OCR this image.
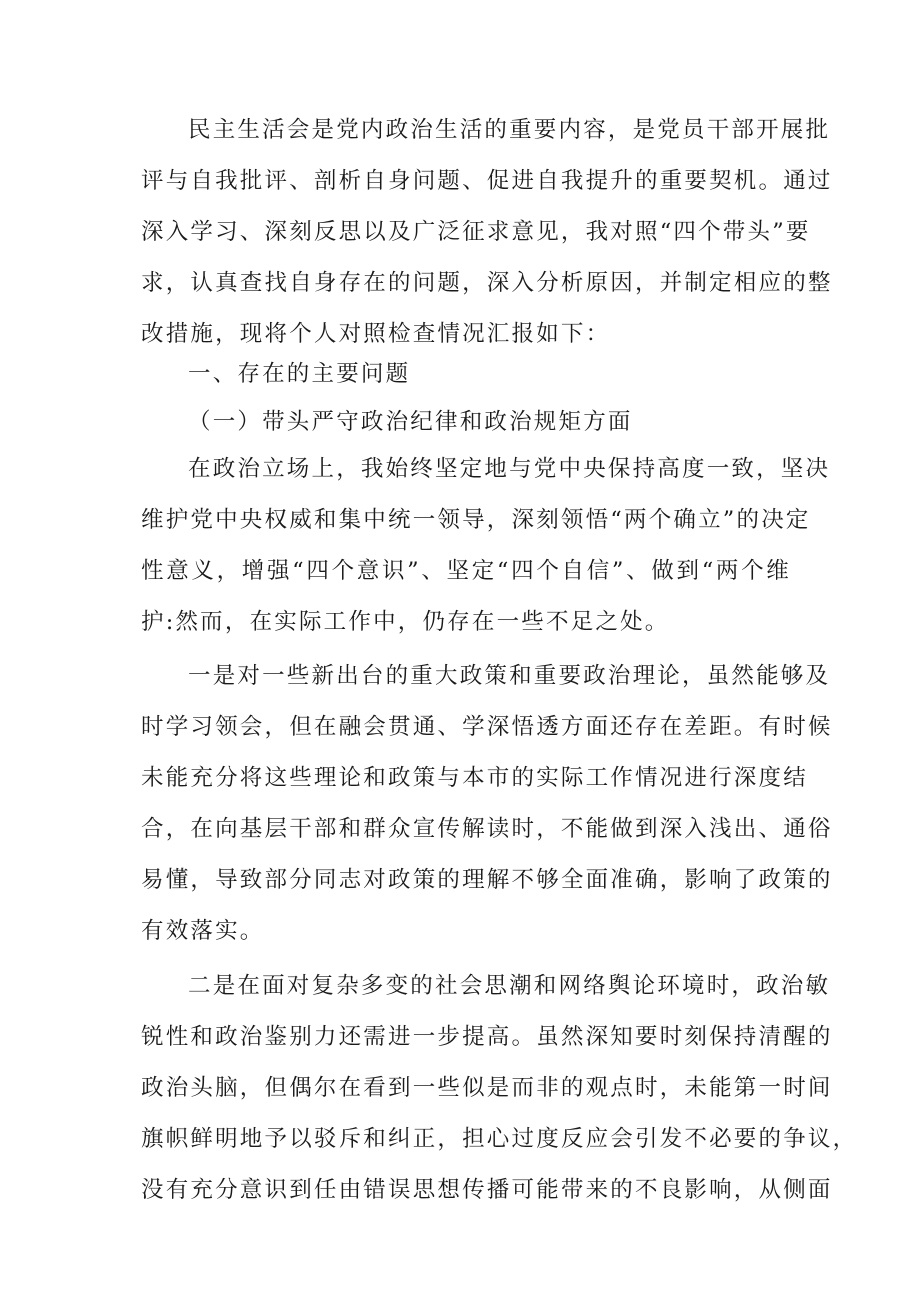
民主生活会是党内政治生活的重要内容，是党员干部开展批
评与自我批评、剖析自身问题、促进自我提升的重要契机。通过
深入学习、深刻反思以及广泛征求意见，我对照“四个带头”要
求，认真查找自身存在的问题，深入分析原因，并制定相应的整
改措施，现将个人对照检查情况汇报如下：
一、存在的主要问题
（一）带头严守政治纪律和政治规矩方面
在政治立场上，我始终坚定地与党中央保持高度一致，坚决
维护党中央权威和集中统一领导，深刻领悟“两个确立”的决定
性意义，增强“四个意识”、坚定“四个自信”、做到“两个维
护:然而，在实际工作中，仍存在一些不足之处。
一是对一些新出台的重大政策和重要政治理论，虽然能够及
时学习领会，但在融会贯通、学深悟透方面还存在差距。有时候
未能充分将这些理论和政策与本市的实际工作情况进行深度结
合，在向基层干部和群众宣传解读时，不能做到深入浅出、通俗
易懂，导致部分同志对政策的理解不够全面准确，影响了政策的
有效落实。
二是在面对复杂多变的社会思潮和网络舆论环境时，政治敏
锐性和政治鉴别力还需进一步提高。虽然深知要时刻保持清醒的
政治头脑，但偶尔在看到一些似是而非的观点时，未能第一时间
旗帜鲜明地予以驳斥和纠正，担心过度反应会引发不必要的争议，
没有充分意识到任由错误思想传播可能带来的不良影响，从侧面
